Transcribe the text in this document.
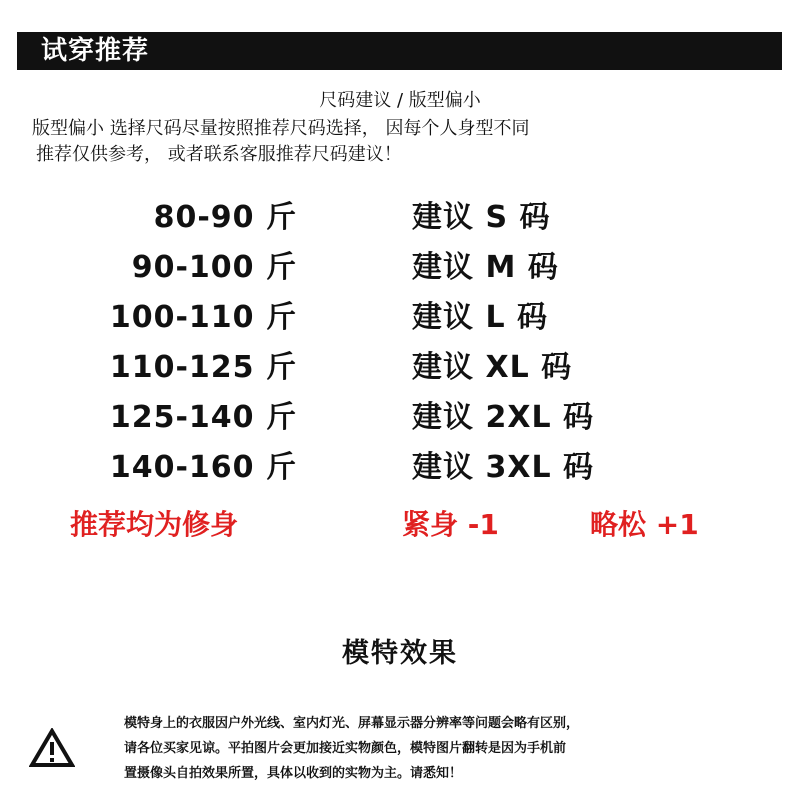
试穿推荐
尺码建议 / 版型偏小
版型偏小 选择尺码尽量按照推荐尺码选择， 因每个人身型不同
推荐仅供参考， 或者联系客服推荐尺码建议！
80-90 斤	建议 S 码
90-100 斤	建议 M 码
100-110 斤	建议 L 码
110-125 斤	建议 XL 码
125-140 斤	建议 2XL 码
140-160 斤	建议 3XL 码
推荐均为修身	紧身 -1	略松 +1
模特效果
模特身上的衣服因户外光线、室内灯光、屏幕显示器分辨率等问题会略有区别，
请各位买家见谅。平拍图片会更加接近实物颜色，模特图片翻转是因为手机前
置摄像头自拍效果所置，具体以收到的实物为主。请悉知！
